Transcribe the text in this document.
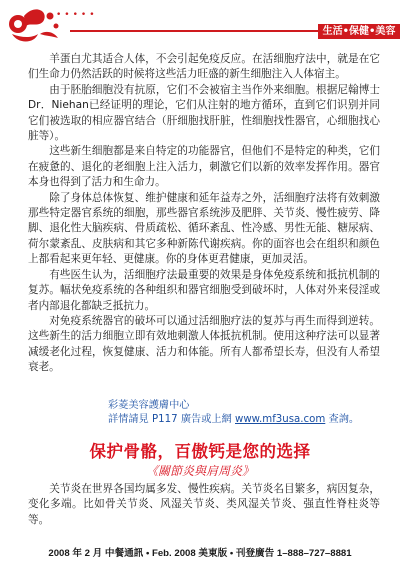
•••••
生活•保健•美容

羊蛋白尤其适合人体，不会引起免疫反应。在活细胞疗法中，就是在它们生命力仍然活跃的时候将这些活力旺盛的新生细胞注入人体宿主。

由于胚胎细胞没有抗原，它们不会被宿主当作外来细胞。根据尼翰博士Dr．Niehan已经证明的理论，它们从注射的地方循环，直到它们识别并同它们被选取的相应器官结合（肝细胞找肝脏，性细胞找性器官，心细胞找心脏等）。

这些新生细胞都是来自特定的功能器官，但他们不是特定的种类，它们在疲惫的、退化的老细胞上注入活力，刺激它们以新的效率发挥作用。器官本身也得到了活力和生命力。

除了身体总体恢复、维护健康和延年益寿之外，活细胞疗法将有效刺激那些特定器官系统的细胞，那些器官系统涉及肥胖、关节炎、慢性疲劳、降脚、退化性大脑疾病、骨质疏松、循环紊乱、性冷感、男性无能、糖尿病、荷尔蒙紊乱、皮肤病和其它多种新陈代谢疾病。你的面容也会在组织和颜色上都看起来更年轻、更健康。你的身体更君健康，更加灵活。

有些医生认为，活细胞疗法最重要的效果是身体免疫系统和抵抗机制的复苏。幅状免疫系统的各种组织和器官细胞受到破坏时，人体对外来侵淫或者内部退化都缺乏抵抗力。

对免疫系统器官的破坏可以通过活细胞疗法的复苏与再生而得到逆转。这些新生的活力细胞立即有效地刺激人体抵抗机制。使用这种疗法可以显著减缓老化过程，恢复健康、活力和体能。所有人都希望长寿，但没有人希望衰老。

彩菱美容護膚中心
詳情請見 P117 廣告或上網 www.mf3usa.com 查詢。
保护骨骼，百傲钙是您的选择
《關節炎與肩周炎》

关节炎在世界各国均属多发、慢性疾病。关节炎名目繁多，病因复杂，变化多端。比如骨关节炎、风湿关节炎、类风湿关节炎、强直性脊柱炎等等。

2008 年 2 月 中餐通訊 • Feb. 2008 美東版 • 刊登廣告 1–888–727–8881
